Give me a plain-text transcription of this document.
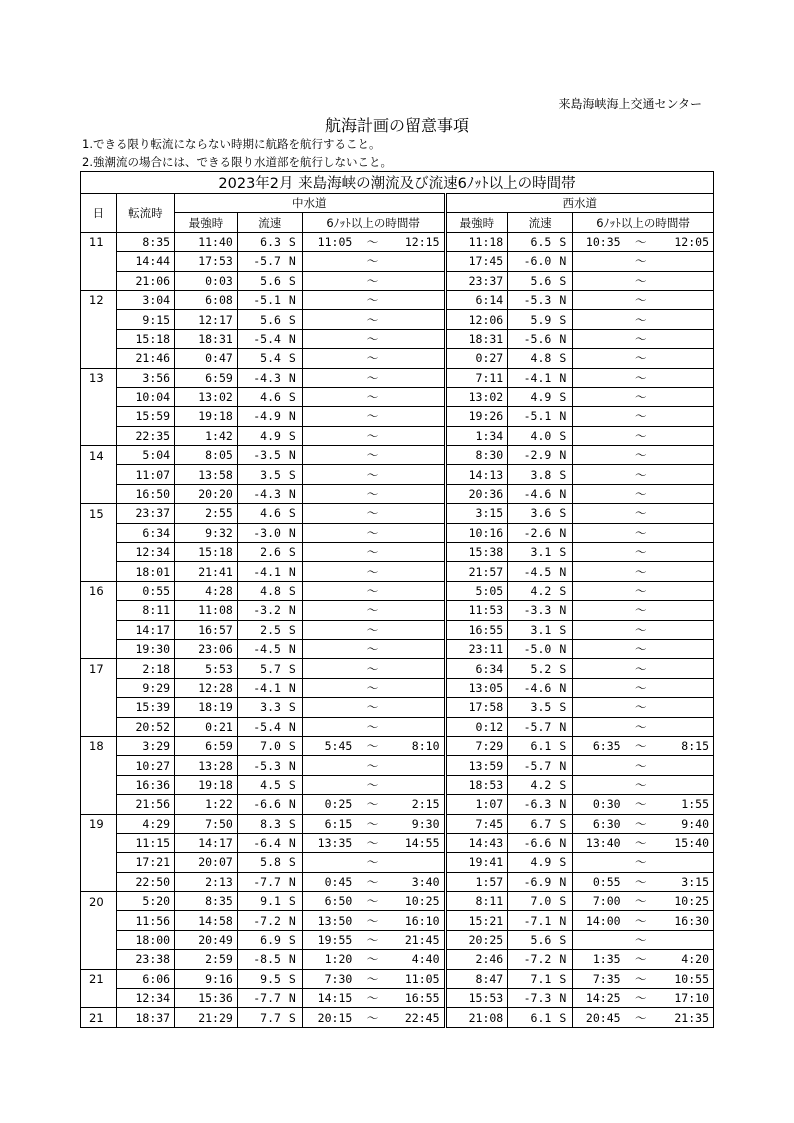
来島海峡海上交通センター
航海計画の留意事項
1.できる限り転流にならない時期に航路を航行すること。
2.強潮流の場合には、できる限り水道部を航行しないこと。
2023年2月 来島海峡の潮流及び流速6ﾉｯﾄ以上の時間帯													
日	転流時	中水道						西水道					
		最強時	流速		6ﾉｯﾄ以上の時間帯			最強時	流速		6ﾉｯﾄ以上の時間帯		
11	8:35	11:40	6.3	S	11:05	～	12:15	11:18	6.5	S	10:35	～	12:05
	14:44	17:53	-5.7	N		～		17:45	-6.0	N		～	
	21:06	0:03	5.6	S		～		23:37	5.6	S		～	
12	3:04	6:08	-5.1	N		～		6:14	-5.3	N		～	
	9:15	12:17	5.6	S		～		12:06	5.9	S		～	
	15:18	18:31	-5.4	N		～		18:31	-5.6	N		～	
	21:46	0:47	5.4	S		～		0:27	4.8	S		～	
13	3:56	6:59	-4.3	N		～		7:11	-4.1	N		～	
	10:04	13:02	4.6	S		～		13:02	4.9	S		～	
	15:59	19:18	-4.9	N		～		19:26	-5.1	N		～	
	22:35	1:42	4.9	S		～		1:34	4.0	S		～	
14	5:04	8:05	-3.5	N		～		8:30	-2.9	N		～	
	11:07	13:58	3.5	S		～		14:13	3.8	S		～	
	16:50	20:20	-4.3	N		～		20:36	-4.6	N		～	
15	23:37	2:55	4.6	S		～		3:15	3.6	S		～	
	6:34	9:32	-3.0	N		～		10:16	-2.6	N		～	
	12:34	15:18	2.6	S		～		15:38	3.1	S		～	
	18:01	21:41	-4.1	N		～		21:57	-4.5	N		～	
16	0:55	4:28	4.8	S		～		5:05	4.2	S		～	
	8:11	11:08	-3.2	N		～		11:53	-3.3	N		～	
	14:17	16:57	2.5	S		～		16:55	3.1	S		～	
	19:30	23:06	-4.5	N		～		23:11	-5.0	N		～	
17	2:18	5:53	5.7	S		～		6:34	5.2	S		～	
	9:29	12:28	-4.1	N		～		13:05	-4.6	N		～	
	15:39	18:19	3.3	S		～		17:58	3.5	S		～	
	20:52	0:21	-5.4	N		～		0:12	-5.7	N		～	
18	3:29	6:59	7.0	S	5:45	～	8:10	7:29	6.1	S	6:35	～	8:15
	10:27	13:28	-5.3	N		～		13:59	-5.7	N		～	
	16:36	19:18	4.5	S		～		18:53	4.2	S		～	
	21:56	1:22	-6.6	N	0:25	～	2:15	1:07	-6.3	N	0:30	～	1:55
19	4:29	7:50	8.3	S	6:15	～	9:30	7:45	6.7	S	6:30	～	9:40
	11:15	14:17	-6.4	N	13:35	～	14:55	14:43	-6.6	N	13:40	～	15:40
	17:21	20:07	5.8	S		～		19:41	4.9	S		～	
	22:50	2:13	-7.7	N	0:45	～	3:40	1:57	-6.9	N	0:55	～	3:15
20	5:20	8:35	9.1	S	6:50	～	10:25	8:11	7.0	S	7:00	～	10:25
	11:56	14:58	-7.2	N	13:50	～	16:10	15:21	-7.1	N	14:00	～	16:30
	18:00	20:49	6.9	S	19:55	～	21:45	20:25	5.6	S		～	
	23:38	2:59	-8.5	N	1:20	～	4:40	2:46	-7.2	N	1:35	～	4:20
21	6:06	9:16	9.5	S	7:30	～	11:05	8:47	7.1	S	7:35	～	10:55
	12:34	15:36	-7.7	N	14:15	～	16:55	15:53	-7.3	N	14:25	～	17:10
21	18:37	21:29	7.7	S	20:15	～	22:45	21:08	6.1	S	20:45	～	21:35
